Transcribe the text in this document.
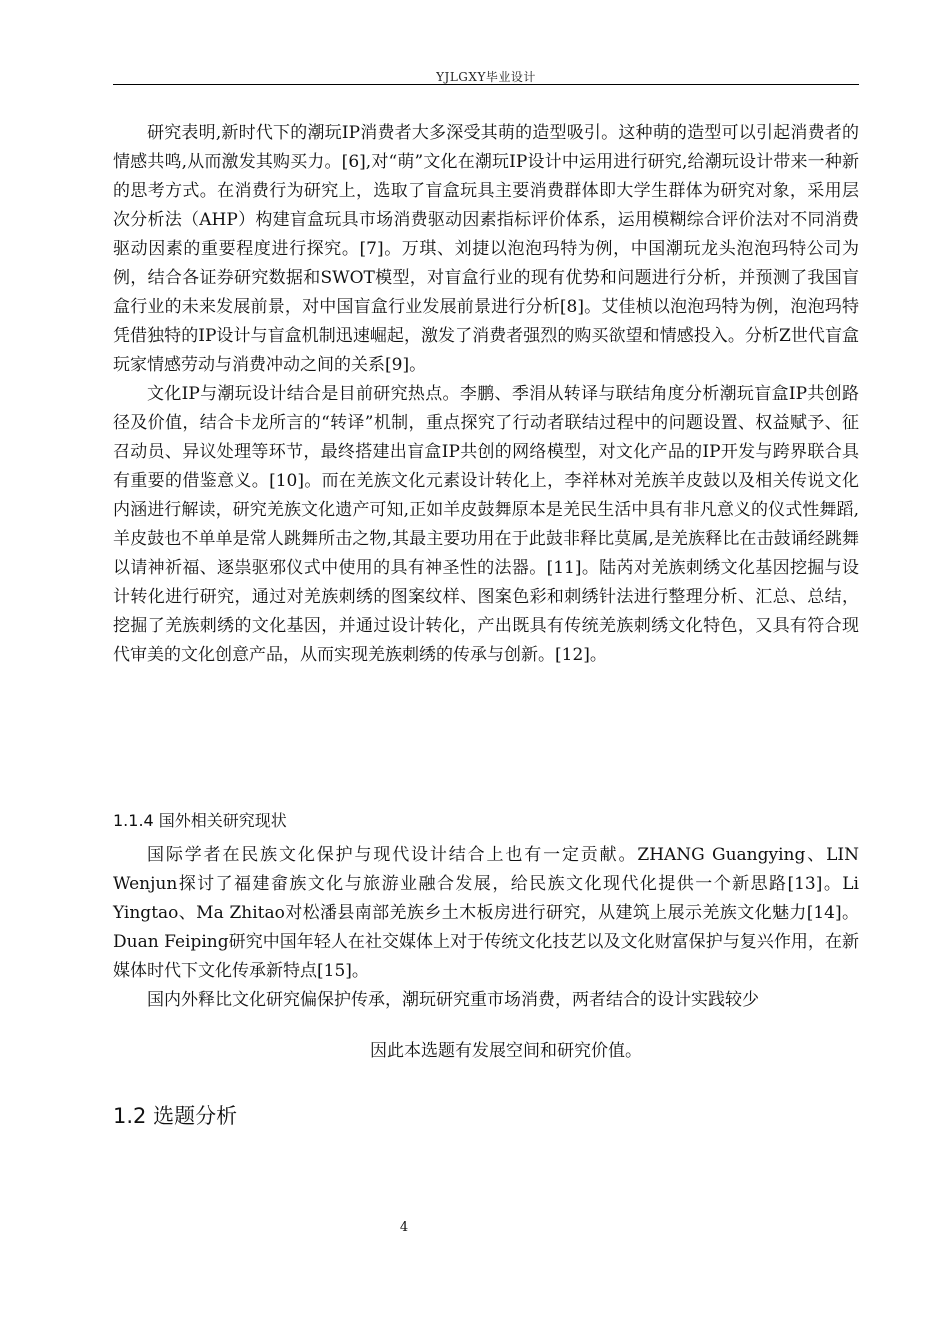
YJLGXY毕业设计

研究表明,新时代下的潮玩IP消费者大多深受其萌的造型吸引。这种萌的造型可以引起消费者的情感共鸣,从而激发其购买力。[6],对“萌”文化在潮玩IP设计中运用进行研究,给潮玩设计带来一种新的思考方式。在消费行为研究上，选取了盲盒玩具主要消费群体即大学生群体为研究对象，采用层次分析法（AHP）构建盲盒玩具市场消费驱动因素指标评价体系，运用模糊综合评价法对不同消费驱动因素的重要程度进行探究。[7]。万琪、刘捷以泡泡玛特为例，中国潮玩龙头泡泡玛特公司为例，结合各证券研究数据和SWOT模型，对盲盒行业的现有优势和问题进行分析，并预测了我国盲盒行业的未来发展前景，对中国盲盒行业发展前景进行分析[8]。艾佳桢以泡泡玛特为例，泡泡玛特凭借独特的IP设计与盲盒机制迅速崛起，激发了消费者强烈的购买欲望和情感投入。分析Z世代盲盒玩家情感劳动与消费冲动之间的关系[9]。

文化IP与潮玩设计结合是目前研究热点。李鹏、季涓从转译与联结角度分析潮玩盲盒IP共创路径及价值，结合卡龙所言的“转译”机制，重点探究了行动者联结过程中的问题设置、权益赋予、征召动员、异议处理等环节，最终搭建出盲盒IP共创的网络模型，对文化产品的IP开发与跨界联合具有重要的借鉴意义。[10]。而在羌族文化元素设计转化上，李祥林对羌族羊皮鼓以及相关传说文化内涵进行解读，研究羌族文化遗产可知,正如羊皮鼓舞原本是羌民生活中具有非凡意义的仪式性舞蹈,羊皮鼓也不单单是常人跳舞所击之物,其最主要功用在于此鼓非释比莫属,是羌族释比在击鼓诵经跳舞以请神祈福、逐祟驱邪仪式中使用的具有神圣性的法器。[11]。陆芮对羌族刺绣文化基因挖掘与设计转化进行研究，通过对羌族刺绣的图案纹样、图案色彩和刺绣针法进行整理分析、汇总、总结，挖掘了羌族刺绣的文化基因，并通过设计转化，产出既具有传统羌族刺绣文化特色，又具有符合现代审美的文化创意产品，从而实现羌族刺绣的传承与创新。[12]。

1.1.4 国外相关研究现状

国际学者在民族文化保护与现代设计结合上也有一定贡献。ZHANG Guangying、LIN Wenjun探讨了福建畲族文化与旅游业融合发展，给民族文化现代化提供一个新思路[13]。Li Yingtao、Ma Zhitao对松潘县南部羌族乡土木板房进行研究，从建筑上展示羌族文化魅力[14]。Duan Feiping研究中国年轻人在社交媒体上对于传统文化技艺以及文化财富保护与复兴作用，在新媒体时代下文化传承新特点[15]。

国内外释比文化研究偏保护传承，潮玩研究重市场消费，两者结合的设计实践较少

因此本选题有发展空间和研究价值。
1.2 选题分析
4
